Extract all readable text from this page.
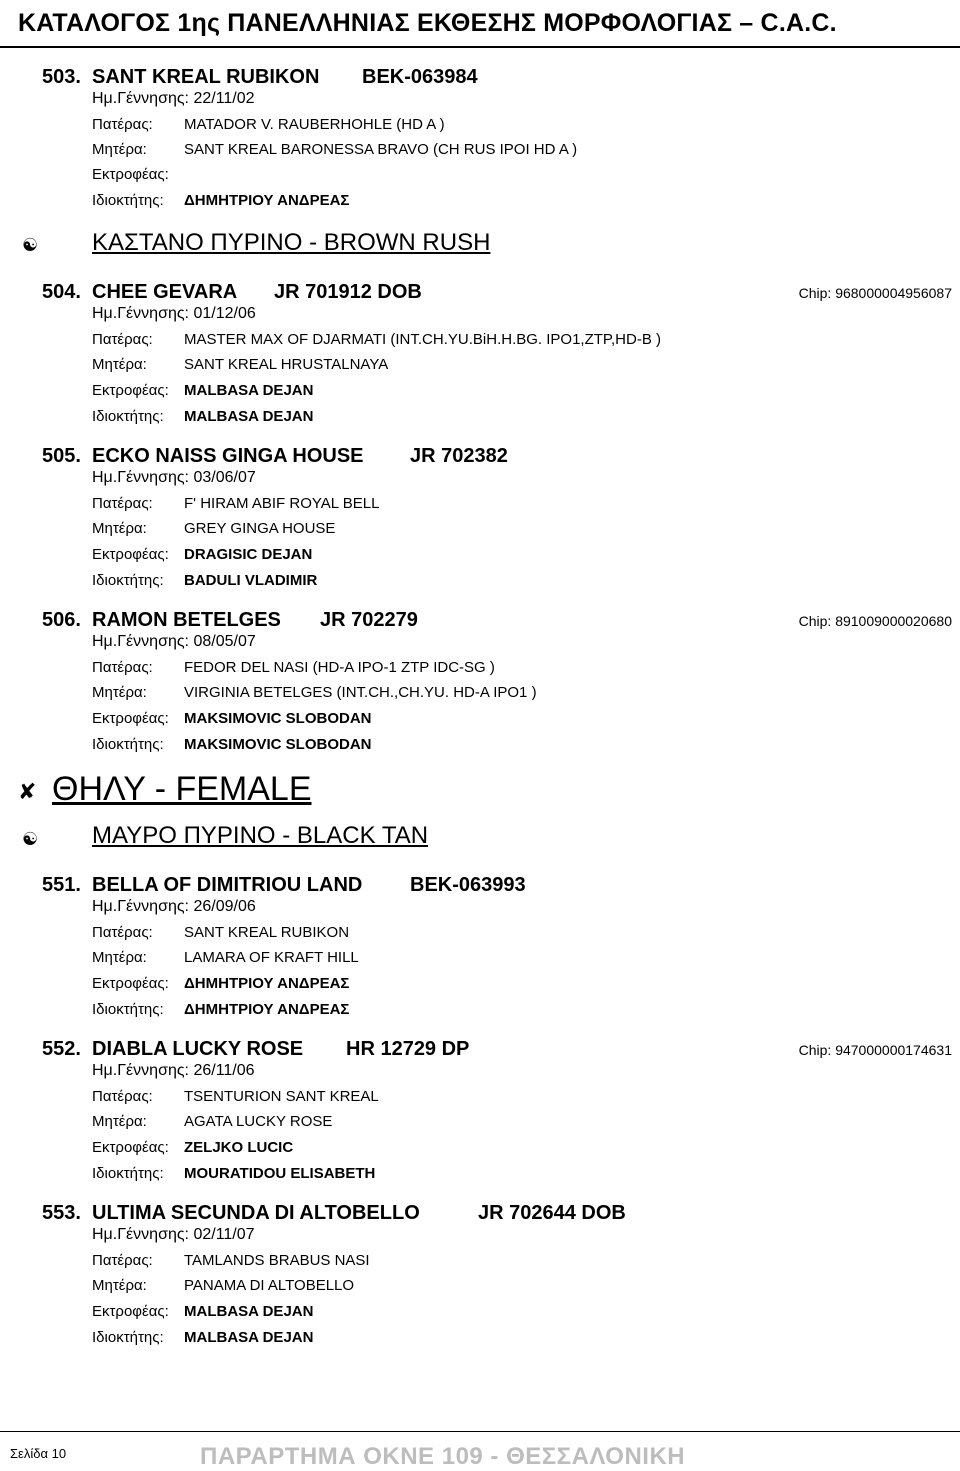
ΚΑΤΑΛΟΓΟΣ 1ης ΠΑΝΕΛΛΗΝΙΑΣ ΕΚΘΕΣΗΣ ΜΟΡΦΟΛΟΓΙΑΣ – C.A.C.
503. SANT KREAL RUBIKON BEK-063984
Ημ.Γέννησης: 22/11/02
Πατέρας: MATADOR V. RAUBERHOHLE (HD A )
Μητέρα: SANT KREAL BARONESSA BRAVO (CH RUS IPOI HD A )
Εκτροφέας:
Ιδιοκτήτης: ΔΗΜΗΤΡΙΟΥ ΑΝΔΡΕΑΣ
☯ ΚΑΣΤΑΝΟ ΠΥΡΙΝΟ - BROWN RUSH
504. CHEE GEVARA JR 701912 DOB	Chip: 968000004956087
Ημ.Γέννησης: 01/12/06
Πατέρας: MASTER MAX OF DJARMATI (INT.CH.YU.BiH.H.BG. IPO1,ZTP,HD-B )
Μητέρα: SANT KREAL HRUSTALNAYA
Εκτροφέας: MALBASA DEJAN
Ιδιοκτήτης: MALBASA DEJAN
505. ECKO NAISS GINGA HOUSE JR 702382
Ημ.Γέννησης: 03/06/07
Πατέρας: F' HIRAM ABIF ROYAL BELL
Μητέρα: GREY GINGA HOUSE
Εκτροφέας: DRAGISIC DEJAN
Ιδιοκτήτης: BADULI VLADIMIR
506. RAMON BETELGES JR 702279	Chip: 891009000020680
Ημ.Γέννησης: 08/05/07
Πατέρας: FEDOR DEL NASI (HD-A IPO-1 ZTP IDC-SG )
Μητέρα: VIRGINIA BETELGES (INT.CH.,CH.YU. HD-A IPO1 )
Εκτροφέας: MAKSIMOVIC SLOBODAN
Ιδιοκτήτης: MAKSIMOVIC SLOBODAN
✘ ΘΗΛΥ - FEMALE
☯ ΜΑΥΡΟ ΠΥΡΙΝΟ - BLACK TAN
551. BELLA OF DIMITRIOU LAND BEK-063993
Ημ.Γέννησης: 26/09/06
Πατέρας: SANT KREAL RUBIKON
Μητέρα: LAMARA OF KRAFT HILL
Εκτροφέας: ΔΗΜΗΤΡΙΟΥ ΑΝΔΡΕΑΣ
Ιδιοκτήτης: ΔΗΜΗΤΡΙΟΥ ΑΝΔΡΕΑΣ
552. DIABLA LUCKY ROSE HR 12729 DP	Chip: 947000000174631
Ημ.Γέννησης: 26/11/06
Πατέρας: TSENTURION SANT KREAL
Μητέρα: AGATA LUCKY ROSE
Εκτροφέας: ZELJKO LUCIC
Ιδιοκτήτης: MOURATIDOU ELISABETH
553. ULTIMA SECUNDA DI ALTOBELLO	JR 702644 DOB
Ημ.Γέννησης: 02/11/07
Πατέρας: TAMLANDS BRABUS NASI
Μητέρα: PANAMA DI ALTOBELLO
Εκτροφέας: MALBASA DEJAN
Ιδιοκτήτης: MALBASA DEJAN
Σελίδα 10	ΠΑΡΑΡΤΗΜΑ ΟΚΝΕ 109 - ΘΕΣΣΑΛΟΝΙΚΗ
